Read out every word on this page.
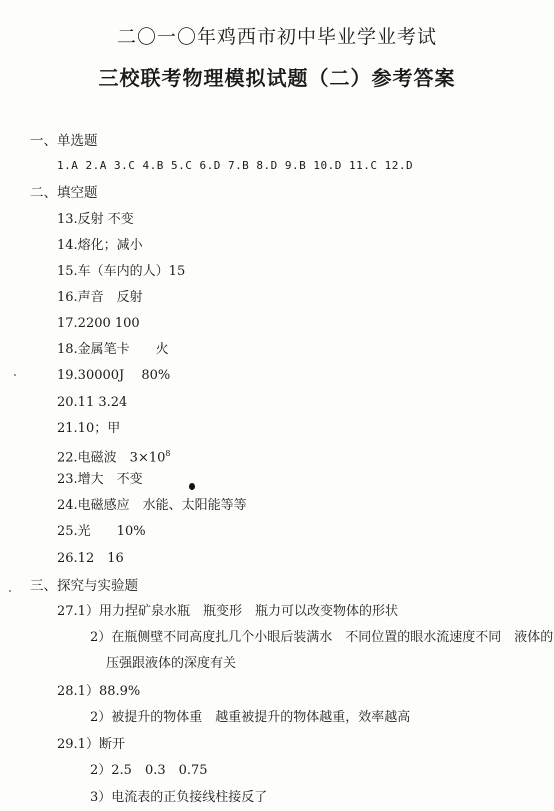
二〇一〇年鸡西市初中毕业学业考试
三校联考物理模拟试题（二）参考答案
一、单选题
1.A 2.A 3.C 4.B 5.C 6.D 7.B 8.D 9.B 10.D 11.C 12.D
二、填空题
13.反射 不变
14.熔化；减小
15.车（车内的人）15
16.声音　反射
17.2200 100
18.金属笔卡　　火
19.30000J　 80%
20.11 3.24
21.10；甲
22.电磁波　$3\times 10^8$
23.增大　不变
24.电磁感应　水能、太阳能等等
25.光　　10%
26.12　16
三、探究与实验题
27.1）用力捏矿泉水瓶　瓶变形　瓶力可以改变物体的形状
2）在瓶侧壁不同高度扎几个小眼后装满水　不同位置的眼水流速度不同　液体的
压强跟液体的深度有关
28.1）88.9%
2）被提升的物体重　越重被提升的物体越重，效率越高
29.1）断开
2）2.5　0.3　0.75
3）电流表的正负接线柱接反了
